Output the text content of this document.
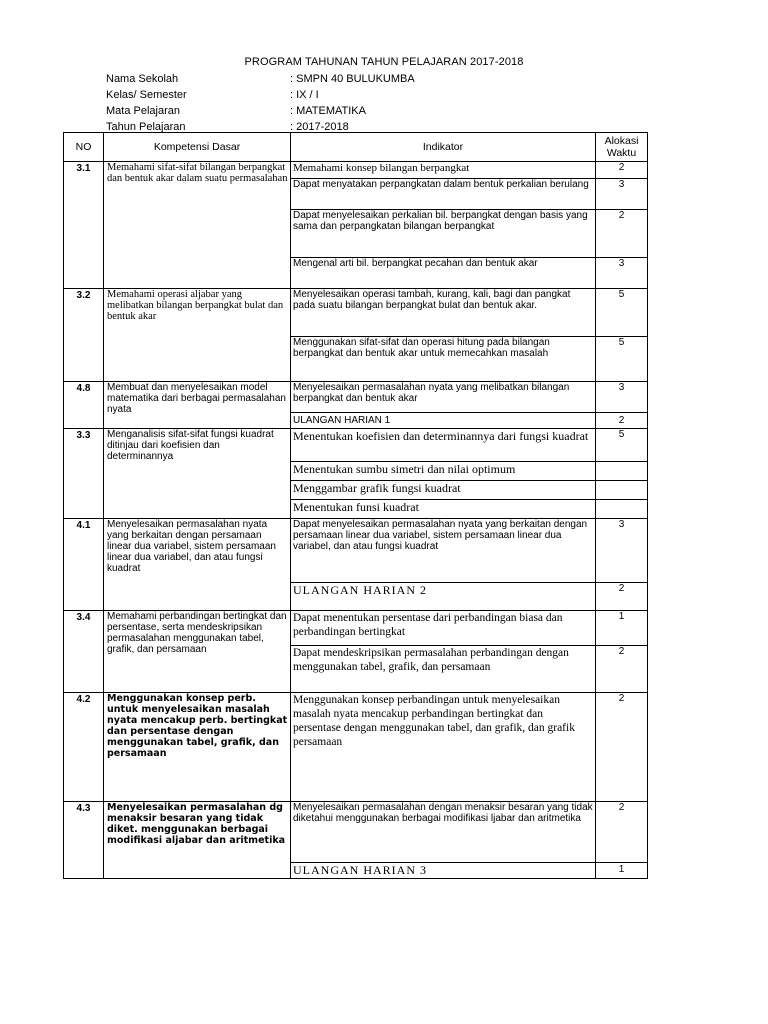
PROGRAM TAHUNAN TAHUN PELAJARAN 2017-2018
Nama Sekolah	: SMPN 40 BULUKUMBA
Kelas/ Semester	: IX / I
Mata Pelajaran	: MATEMATIKA
Tahun Pelajaran	: 2017-2018
NO	Kompetensi Dasar	Indikator	Alokasi
Waktu
3.1	Memahami sifat-sifat bilangan berpangkat dan bentuk akar dalam suatu permasalahan	Memahami konsep bilangan berpangkat	2
		Dapat menyatakan perpangkatan dalam bentuk perkalian berulang	3
		Dapat menyelesaikan perkalian bil. berpangkat dengan basis yang sama dan perpangkatan bilangan berpangkat	2
		Mengenal arti bil. berpangkat pecahan dan bentuk akar	3
3.2	Memahami operasi aljabar yang melibatkan bilangan berpangkat bulat dan bentuk akar	Menyelesaikan operasi tambah, kurang, kali, bagi dan pangkat pada suatu bilangan berpangkat bulat dan bentuk akar.	5
		Menggunakan sifat-sifat dan operasi hitung pada bilangan berpangkat dan bentuk akar untuk memecahkan masalah	5
4.8	Membuat dan menyelesaikan model matematika dari berbagai permasalahan nyata	Menyelesaikan permasalahan nyata yang melibatkan bilangan berpangkat dan bentuk akar	3
		ULANGAN HARIAN 1	2
3.3	Menganalisis sifat-sifat fungsi kuadrat ditinjau dari koefisien dan determinannya	Menentukan koefisien dan determinannya dari fungsi kuadrat	5
		Menentukan sumbu simetri dan nilai optimum	
		Menggambar grafik fungsi kuadrat	
		Menentukan funsi kuadrat	
4.1	Menyelesaikan permasalahan nyata yang berkaitan dengan persamaan linear dua variabel, sistem persamaan linear dua variabel, dan atau fungsi kuadrat	Dapat menyelesaikan permasalahan nyata yang berkaitan dengan persamaan linear dua variabel, sistem persamaan linear dua variabel, dan atau fungsi kuadrat	3
		ULANGAN HARIAN 2	2
3.4	Memahami perbandingan bertingkat dan persentase, serta mendeskripsikan permasalahan menggunakan tabel, grafik, dan persamaan	Dapat menentukan persentase dari perbandingan biasa dan perbandingan bertingkat	1
		Dapat mendeskripsikan permasalahan perbandingan dengan menggunakan tabel, grafik, dan persamaan	2
4.2	Menggunakan konsep perb. untuk menyelesaikan masalah nyata mencakup perb. bertingkat dan persentase dengan menggunakan tabel, grafik, dan persamaan	Menggunakan konsep perbandingan untuk menyelesaikan masalah nyata mencakup perbandingan bertingkat dan persentase dengan menggunakan tabel, dan grafik, dan grafik persamaan	2
4.3	Menyelesaikan permasalahan dg menaksir besaran yang tidak diket. menggunakan berbagai modifikasi aljabar dan aritmetika	Menyelesaikan permasalahan dengan menaksir besaran yang tidak diketahui menggunakan berbagai modifikasi ljabar dan aritmetika	2
		ULANGAN HARIAN 3	1
